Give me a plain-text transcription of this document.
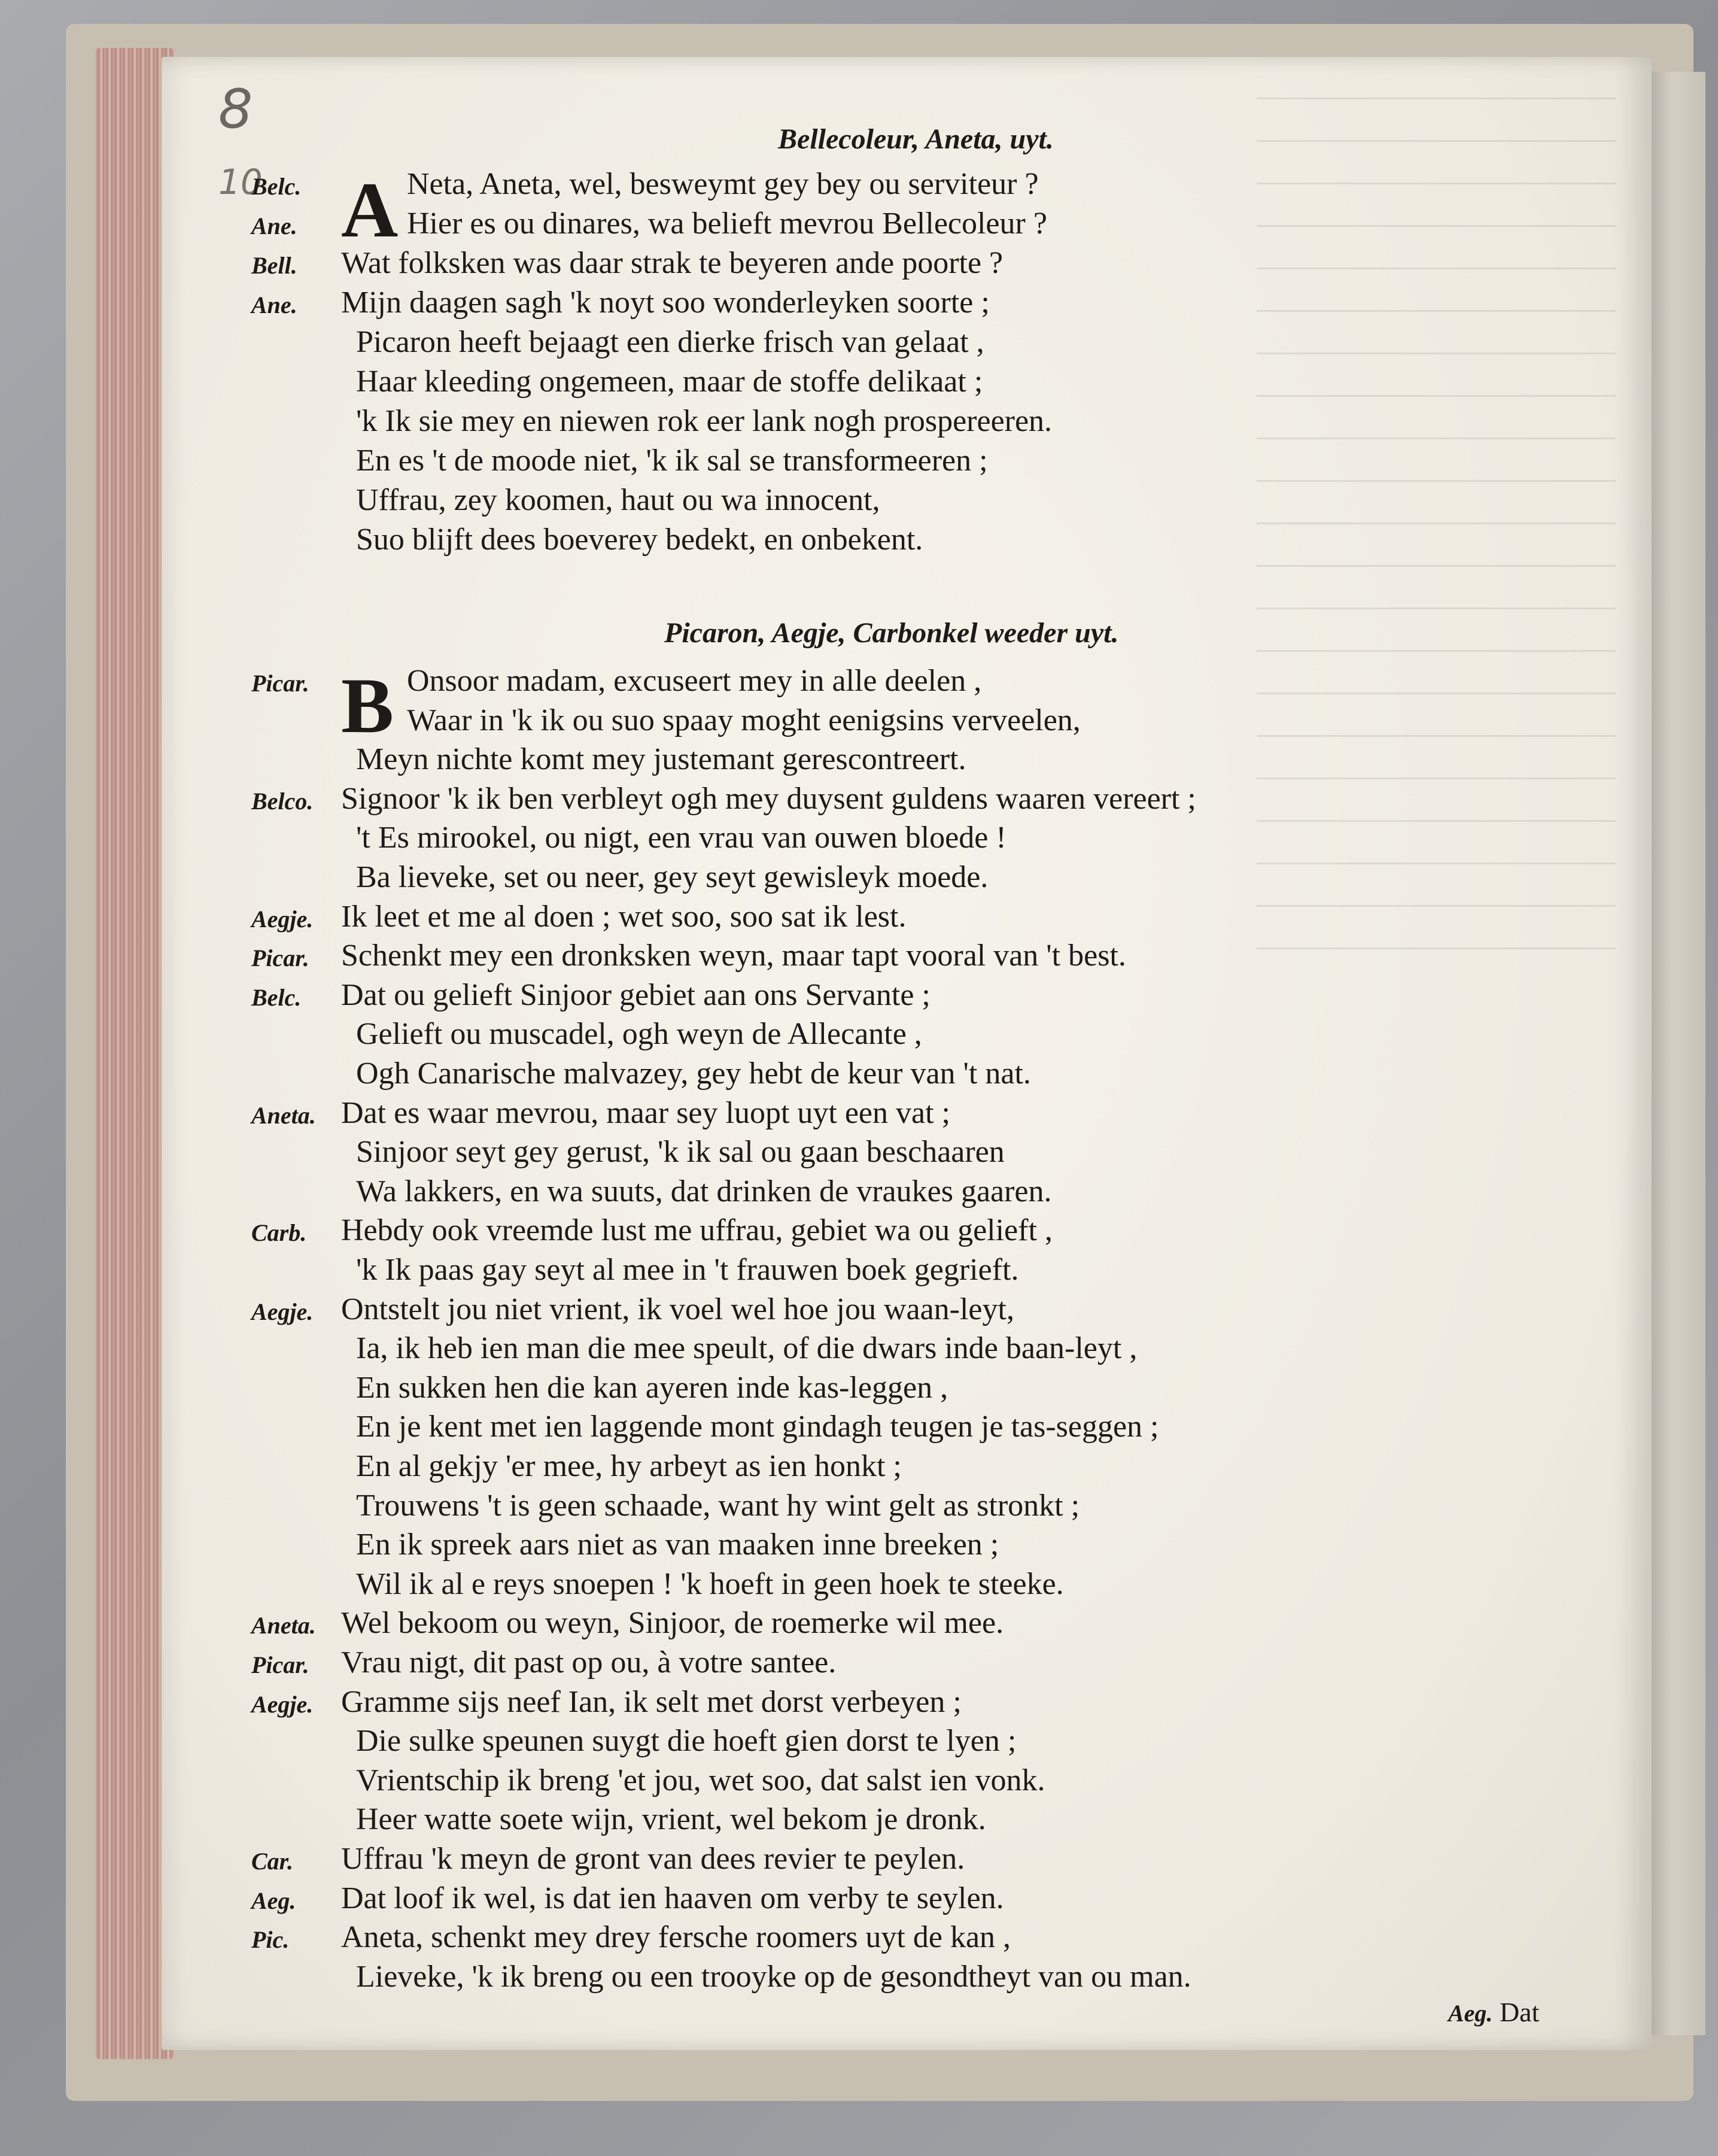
8
10
Bellecoleur, Aneta, uyt.
A
Belc.	Neta, Aneta, wel, besweymt gey bey ou serviteur ?
Ane.	Hier es ou dinares, wa belieft mevrou Bellecoleur ?
Bell. Wat folksken was daar strak te beyeren ande poorte ?
Ane. Mijn daagen sagh 'k noyt soo wonderleyken soorte ;
Picaron heeft bejaagt een dierke frisch van gelaat ,
Haar kleeding ongemeen, maar de stoffe delikaat ;
'k Ik sie mey en niewen rok eer lank nogh prospereeren.
En es 't de moode niet, 'k ik sal se transformeeren ;
Uffrau, zey koomen, haut ou wa innocent,
Suo blijft dees boeverey bedekt, en onbekent.
Picaron, Aegje, Carbonkel weeder uyt.
B
Picar.	Onsoor madam, excuseert mey in alle deelen ,
Waar in 'k ik ou suo spaay moght eenigsins verveelen,
Meyn nichte komt mey justemant gerescontreert.
Belco. Signoor 'k ik ben verbleyt ogh mey duysent guldens waaren vereert ;
't Es mirookel, ou nigt, een vrau van ouwen bloede !
Ba lieveke, set ou neer, gey seyt gewisleyk moede.
Aegje. Ik leet et me al doen ; wet soo, soo sat ik lest.
Picar. Schenkt mey een dronksken weyn, maar tapt vooral van 't best.
Belc. Dat ou gelieft Sinjoor gebiet aan ons Servante ;
Gelieft ou muscadel, ogh weyn de Allecante ,
Ogh Canarische malvazey, gey hebt de keur van 't nat.
Aneta. Dat es waar mevrou, maar sey luopt uyt een vat ;
Sinjoor seyt gey gerust, 'k ik sal ou gaan beschaaren
Wa lakkers, en wa suuts, dat drinken de vraukes gaaren.
Carb. Hebdy ook vreemde lust me uffrau, gebiet wa ou gelieft ,
'k Ik paas gay seyt al mee in 't frauwen boek gegrieft.
Aegje. Ontstelt jou niet vrient, ik voel wel hoe jou waan-leyt,
Ia, ik heb ien man die mee speult, of die dwars inde baan-leyt ,
En sukken hen die kan ayeren inde kas-leggen ,
En je kent met ien laggende mont gindagh teugen je tas-seggen ;
En al gekjy 'er mee, hy arbeyt as ien honkt ;
Trouwens 't is geen schaade, want hy wint gelt as stronkt ;
En ik spreek aars niet as van maaken inne breeken ;
Wil ik al e reys snoepen ! 'k hoeft in geen hoek te steeke.
Aneta. Wel bekoom ou weyn, Sinjoor, de roemerke wil mee.
Picar. Vrau nigt, dit past op ou, à votre santee.
Aegje. Gramme sijs neef Ian, ik selt met dorst verbeyen ;
Die sulke speunen suygt die hoeft gien dorst te lyen ;
Vrientschip ik breng 'et jou, wet soo, dat salst ien vonk.
Heer watte soete wijn, vrient, wel bekom je dronk.
Car. Uffrau 'k meyn de gront van dees revier te peylen.
Aeg. Dat loof ik wel, is dat ien haaven om verby te seylen.
Pic. Aneta, schenkt mey drey fersche roomers uyt de kan ,
Lieveke, 'k ik breng ou een trooyke op de gesondtheyt van ou man.
Aeg. Dat
